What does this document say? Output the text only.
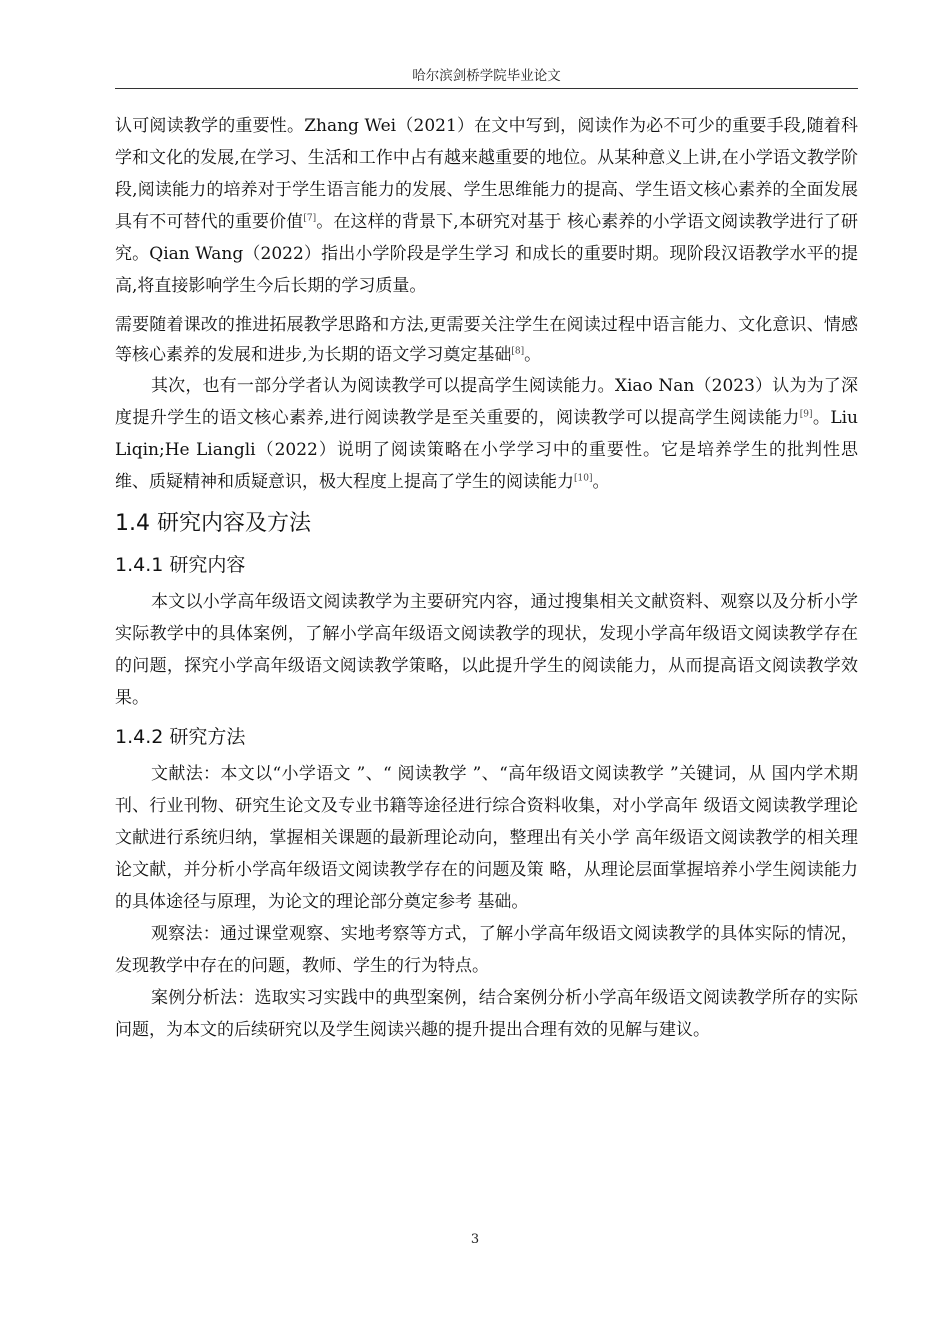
哈尔滨剑桥学院毕业论文

认可阅读教学的重要性。Zhang Wei（2021）在文中写到，阅读作为必不可少的重要手段,随着科学和文化的发展,在学习、生活和工作中占有越来越重要的地位。从某种意义上讲,在小学语文教学阶段,阅读能力的培养对于学生语言能力的发展、学生思维能力的提高、学生语文核心素养的全面发展具有不可替代的重要价值[7]。在这样的背景下,本研究对基于 核心素养的小学语文阅读教学进行了研究。Qian Wang（2022）指出小学阶段是学生学习 和成长的重要时期。现阶段汉语教学水平的提高,将直接影响学生今后长期的学习质量。

需要随着课改的推进拓展教学思路和方法,更需要关注学生在阅读过程中语言能力、文化意识、情感等核心素养的发展和进步,为长期的语文学习奠定基础[8]。

其次，也有一部分学者认为阅读教学可以提高学生阅读能力。Xiao Nan（2023）认为为了深度提升学生的语文核心素养,进行阅读教学是至关重要的，阅读教学可以提高学生阅读能力[9]。Liu Liqin;He Liangli（2022）说明了阅读策略在小学学习中的重要性。它是培养学生的批判性思维、质疑精神和质疑意识，极大程度上提高了学生的阅读能力[10]。

1.4 研究内容及方法
1.4.1 研究内容

本文以小学高年级语文阅读教学为主要研究内容，通过搜集相关文献资料、观察以及分析小学实际教学中的具体案例，了解小学高年级语文阅读教学的现状，发现小学高年级语文阅读教学存在的问题，探究小学高年级语文阅读教学策略，以此提升学生的阅读能力，从而提高语文阅读教学效果。

1.4.2 研究方法

文献法：本文以“小学语文 ”、“ 阅读教学 ”、“高年级语文阅读教学 ”关键词，从 国内学术期刊、行业刊物、研究生论文及专业书籍等途径进行综合资料收集，对小学高年 级语文阅读教学理论文献进行系统归纳，掌握相关课题的最新理论动向，整理出有关小学 高年级语文阅读教学的相关理论文献，并分析小学高年级语文阅读教学存在的问题及策 略，从理论层面掌握培养小学生阅读能力的具体途径与原理，为论文的理论部分奠定参考 基础。

观察法：通过课堂观察、实地考察等方式，了解小学高年级语文阅读教学的具体实际的情况，发现教学中存在的问题，教师、学生的行为特点。

案例分析法：选取实习实践中的典型案例，结合案例分析小学高年级语文阅读教学所存的实际问题，为本文的后续研究以及学生阅读兴趣的提升提出合理有效的见解与建议。

3
